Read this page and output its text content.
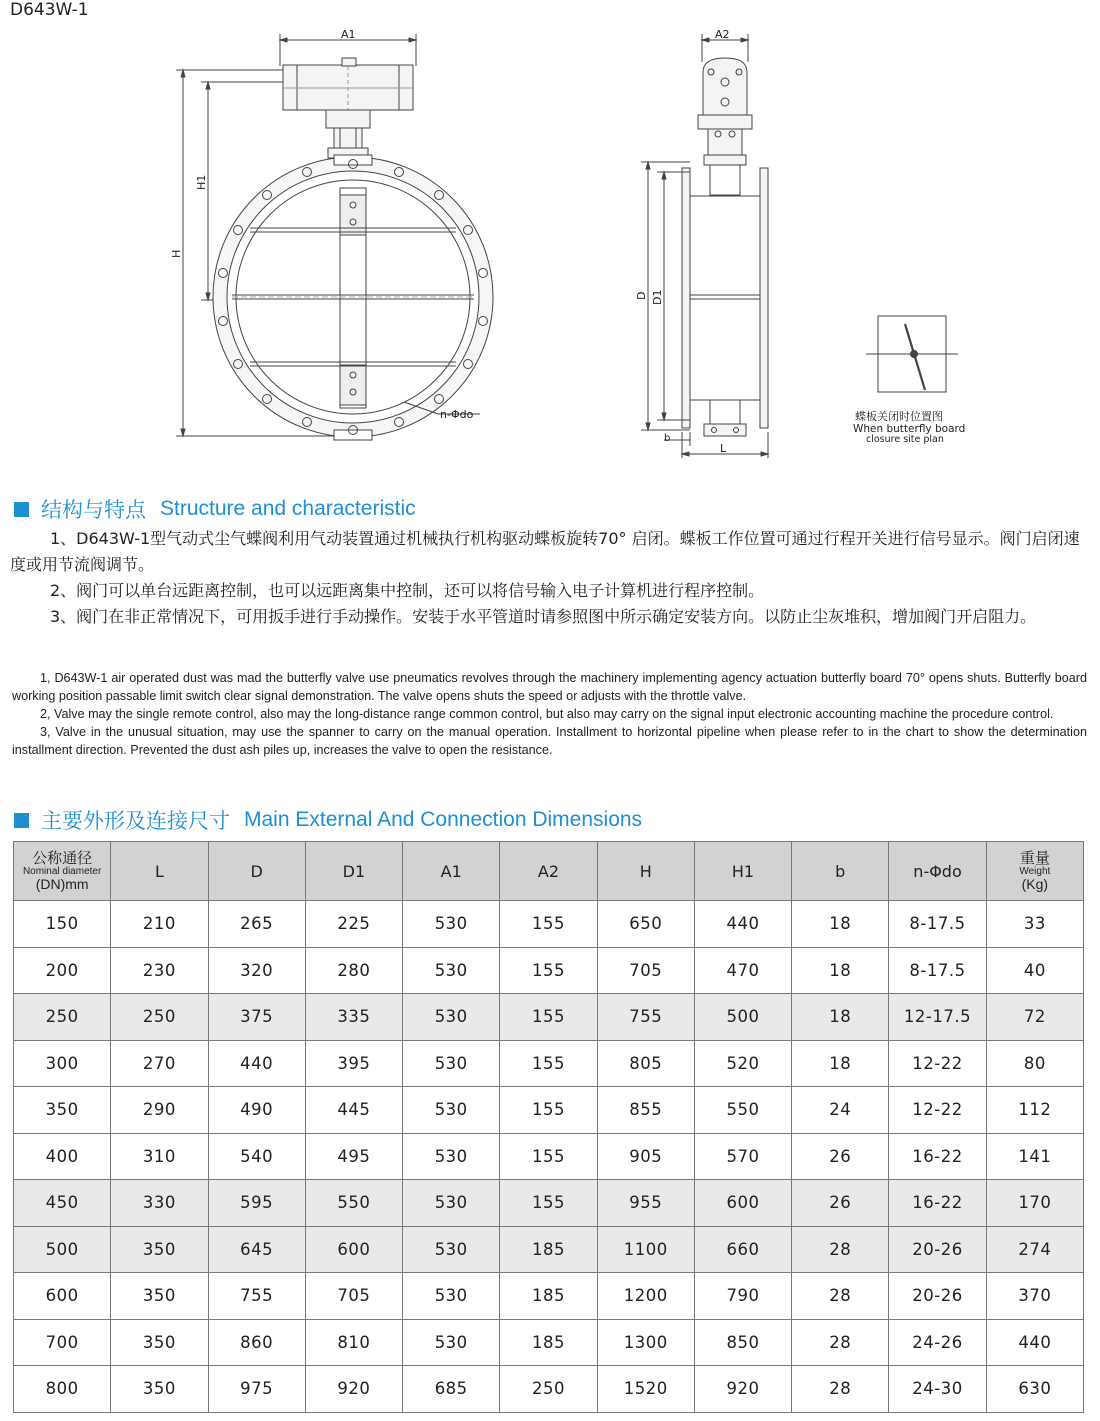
D643W-1
A1
H1
H
n-Φdo
A2
D D1
b
L
蝶板关闭时位置图
When butterfly board
closure site plan
结构与特点 Structure and characteristic

1、D643W-1型气动式尘气蝶阀利用气动装置通过机械执行机构驱动蝶板旋转70° 启闭。蝶板工作位置可通过行程开关进行信号显示。阀门启闭速度或用节流阀调节。

2、阀门可以单台远距离控制，也可以远距离集中控制，还可以将信号输入电子计算机进行程序控制。

3、阀门在非正常情况下，可用扳手进行手动操作。安装于水平管道时请参照图中所示确定安装方向。以防止尘灰堆积，增加阀门开启阻力。

1, D643W-1 air operated dust was mad the butterfly valve use pneumatics revolves through the machinery implementing agency actuation butterfly board 70° opens shuts. Butterfly board working position passable limit switch clear signal demonstration. The valve opens shuts the speed or adjusts with the throttle valve.

2, Valve may the single remote control, also may the long-distance range common control, but also may carry on the signal input electronic accounting machine the procedure control.

3, Valve in the unusual situation, may use the spanner to carry on the manual operation. Installment to horizontal pipeline when please refer to in the chart to show the determination installment direction. Prevented the dust ash piles up, increases the valve to open the resistance.

主要外形及连接尺寸 Main External And Connection Dimensions
公称通径
Nominal diameter
(DN)mm	L	D	D1	A1	A2	H	H1	b	n-Φdo	重量
Weight
(Kg)

150	210	265	225	530	155	650	440	18	8-17.5	33
200	230	320	280	530	155	705	470	18	8-17.5	40
250	250	375	335	530	155	755	500	18	12-17.5	72
300	270	440	395	530	155	805	520	18	12-22	80
350	290	490	445	530	155	855	550	24	12-22	112
400	310	540	495	530	155	905	570	26	16-22	141
450	330	595	550	530	155	955	600	26	16-22	170
500	350	645	600	530	185	1100	660	28	20-26	274
600	350	755	705	530	185	1200	790	28	20-26	370
700	350	860	810	530	185	1300	850	28	24-26	440
800	350	975	920	685	250	1520	920	28	24-30	630
